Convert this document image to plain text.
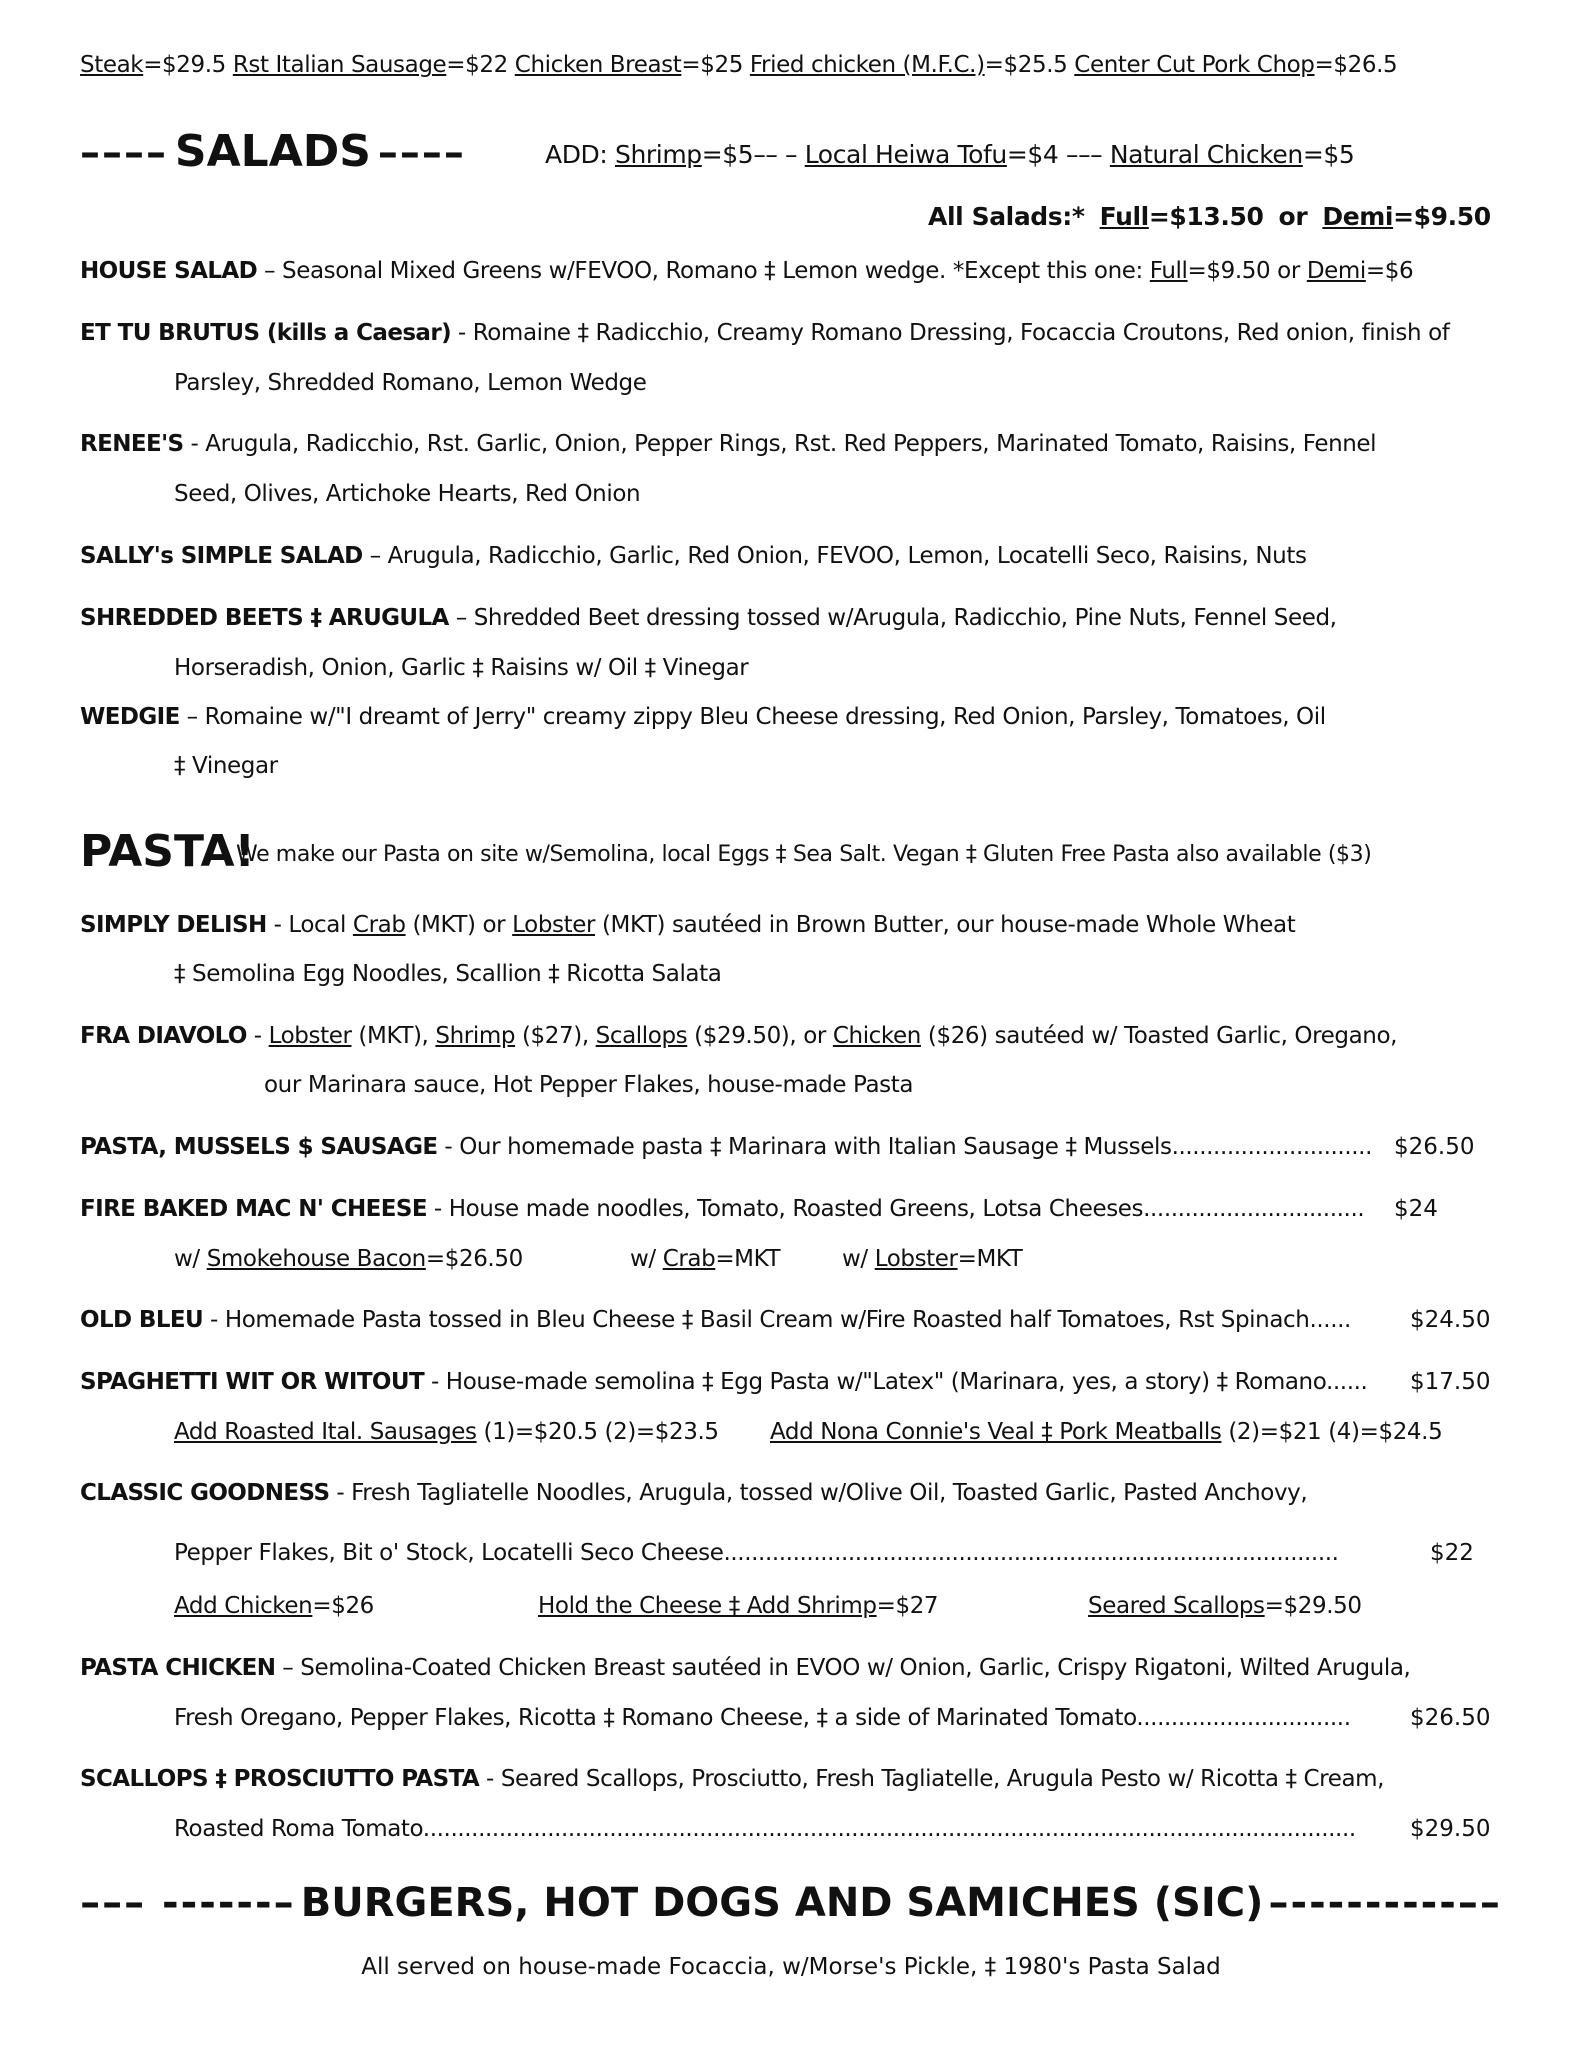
Steak=$29.5 Rst Italian Sausage=$22 Chicken Breast=$25 Fried chicken (M.F.C.)=$25.5 Center Cut Pork Chop=$26.5
–––– SALADS ––––	ADD: Shrimp=$5–– – Local Heiwa Tofu=$4 ––– Natural Chicken=$5
All Salads:* Full=$13.50 or Demi=$9.50
HOUSE SALAD – Seasonal Mixed Greens w/FEVOO, Romano ‡ Lemon wedge. *Except this one: Full=$9.50 or Demi=$6
ET TU BRUTUS (kills a Caesar) - Romaine ‡ Radicchio, Creamy Romano Dressing, Focaccia Croutons, Red onion, finish of
Parsley, Shredded Romano, Lemon Wedge
RENEE'S - Arugula, Radicchio, Rst. Garlic, Onion, Pepper Rings, Rst. Red Peppers, Marinated Tomato, Raisins, Fennel
Seed, Olives, Artichoke Hearts, Red Onion
SALLY's SIMPLE SALAD – Arugula, Radicchio, Garlic, Red Onion, FEVOO, Lemon, Locatelli Seco, Raisins, Nuts
SHREDDED BEETS ‡ ARUGULA – Shredded Beet dressing tossed w/Arugula, Radicchio, Pine Nuts, Fennel Seed,
Horseradish, Onion, Garlic ‡ Raisins w/ Oil ‡ Vinegar
WEDGIE – Romaine w/"I dreamt of Jerry" creamy zippy Bleu Cheese dressing, Red Onion, Parsley, Tomatoes, Oil
‡ Vinegar
PASTA!
We make our Pasta on site w/Semolina, local Eggs ‡ Sea Salt. Vegan ‡ Gluten Free Pasta also available ($3)
SIMPLY DELISH - Local Crab (MKT) or Lobster (MKT) sautéed in Brown Butter, our house-made Whole Wheat
‡ Semolina Egg Noodles, Scallion ‡ Ricotta Salata
FRA DIAVOLO - Lobster (MKT), Shrimp ($27), Scallops ($29.50), or Chicken ($26) sautéed w/ Toasted Garlic, Oregano,
our Marinara sauce, Hot Pepper Flakes, house-made Pasta
PASTA, MUSSELS $ SAUSAGE - Our homemade pasta ‡ Marinara with Italian Sausage ‡ Mussels............................. $26.50
FIRE BAKED MAC N' CHEESE - House made noodles, Tomato, Roasted Greens, Lotsa Cheeses................................ $24
w/ Smokehouse Bacon=$26.50	w/ Crab=MKT	w/ Lobster=MKT
OLD BLEU - Homemade Pasta tossed in Bleu Cheese ‡ Basil Cream w/Fire Roasted half Tomatoes, Rst Spinach......	$24.50
SPAGHETTI WIT OR WITOUT - House-made semolina ‡ Egg Pasta w/"Latex" (Marinara, yes, a story) ‡ Romano...... $17.50
Add Roasted Ital. Sausages (1)=$20.5 (2)=$23.5 Add Nona Connie's Veal ‡ Pork Meatballs (2)=$21 (4)=$24.5
CLASSIC GOODNESS - Fresh Tagliatelle Noodles, Arugula, tossed w/Olive Oil, Toasted Garlic, Pasted Anchovy,
Pepper Flakes, Bit o' Stock, Locatelli Seco Cheese.........................................................................................	$22
Add Chicken=$26	Hold the Cheese ‡ Add Shrimp=$27	Seared Scallops=$29.50
PASTA CHICKEN – Semolina-Coated Chicken Breast sautéed in EVOO w/ Onion, Garlic, Crispy Rigatoni, Wilted Arugula,
Fresh Oregano, Pepper Flakes, Ricotta ‡ Romano Cheese, ‡ a side of Marinated Tomato...............................	$26.50
SCALLOPS ‡ PROSCIUTTO PASTA - Seared Scallops, Prosciutto, Fresh Tagliatelle, Arugula Pesto w/ Ricotta ‡ Cream,
Roasted Roma Tomato.......................................................................................................................................	$29.50
––– ------– BURGERS, HOT DOGS AND SAMICHES (SIC) –---------––
All served on house-made Focaccia, w/Morse's Pickle, ‡ 1980's Pasta Salad
